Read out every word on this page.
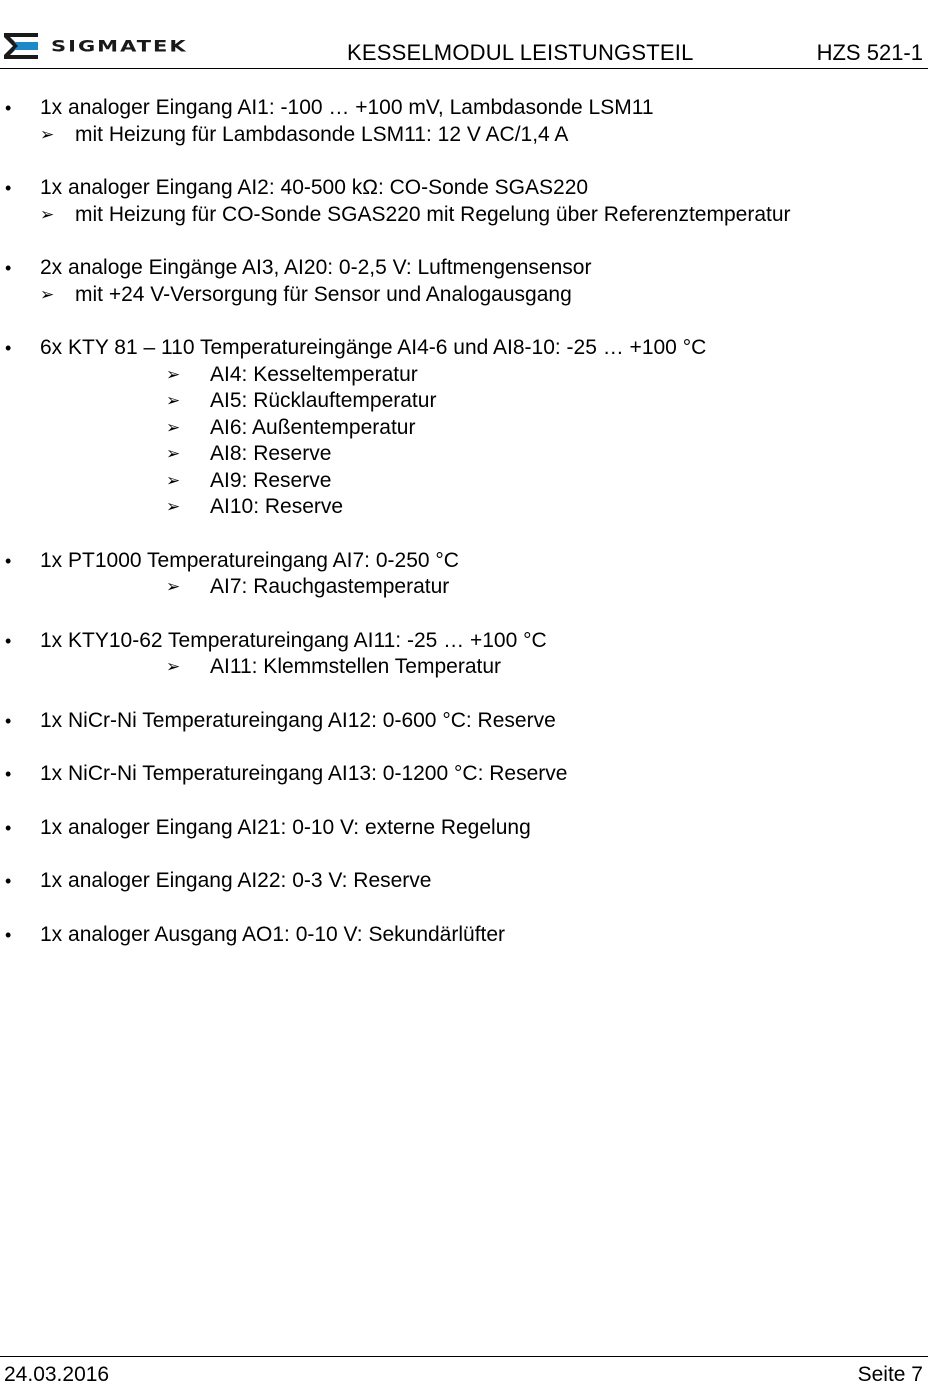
SIGMATEK	KESSELMODUL LEISTUNGSTEIL	HZS 521-1
• 1x analoger Eingang AI1: -100 … +100 mV, Lambdasonde LSM11
➢ mit Heizung für Lambdasonde LSM11: 12 V AC/1,4 A
• 1x analoger Eingang AI2: 40-500 kΩ: CO-Sonde SGAS220
➢ mit Heizung für CO-Sonde SGAS220 mit Regelung über Referenztemperatur
• 2x analoge Eingänge AI3, AI20: 0-2,5 V: Luftmengensensor
➢ mit +24 V-Versorgung für Sensor und Analogausgang
• 6x KTY 81 – 110 Temperatureingänge AI4-6 und AI8-10: -25 … +100 °C
➢ AI4: Kesseltemperatur
➢ AI5: Rücklauftemperatur
➢ AI6: Außentemperatur
➢ AI8: Reserve
➢ AI9: Reserve
➢ AI10: Reserve
• 1x PT1000 Temperatureingang AI7: 0-250 °C
➢ AI7: Rauchgastemperatur
• 1x KTY10-62 Temperatureingang AI11: -25 … +100 °C
➢ AI11: Klemmstellen Temperatur
• 1x NiCr-Ni Temperatureingang AI12: 0-600 °C: Reserve
• 1x NiCr-Ni Temperatureingang AI13: 0-1200 °C: Reserve
• 1x analoger Eingang AI21: 0-10 V: externe Regelung
• 1x analoger Eingang AI22: 0-3 V: Reserve
• 1x analoger Ausgang AO1: 0-10 V: Sekundärlüfter
24.03.2016	Seite 7
